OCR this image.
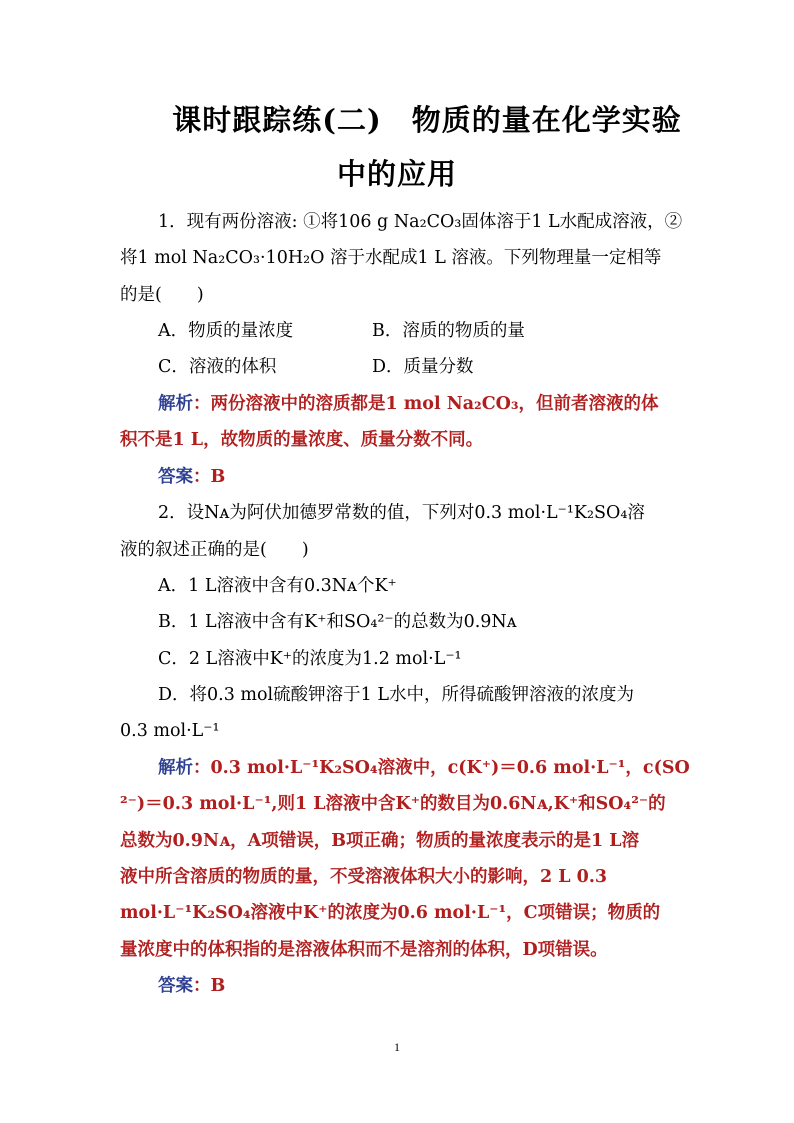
课时跟踪练(二)　物质的量在化学实验
中的应用
1．现有两份溶液: ①将106 g Na₂CO₃固体溶于1 L水配成溶液，②
将1 mol Na₂CO₃·10H₂O 溶于水配成1 L 溶液。下列物理量一定相等
的是(　　)
A．物质的量浓度	B．溶质的物质的量
C．溶液的体积	D．质量分数
解析：两份溶液中的溶质都是1 mol Na₂CO₃，但前者溶液的体
积不是1 L，故物质的量浓度、质量分数不同。
答案：B
2．设Nᴀ为阿伏加德罗常数的值，下列对0.3 mol·L⁻¹K₂SO₄溶
液的叙述正确的是(　　)
A．1 L溶液中含有0.3Nᴀ个K⁺
B．1 L溶液中含有K⁺和SO₄²⁻的总数为0.9Nᴀ
C．2 L溶液中K⁺的浓度为1.2 mol·L⁻¹
D．将0.3 mol硫酸钾溶于1 L水中，所得硫酸钾溶液的浓度为
0.3 mol·L⁻¹
解析：0.3 mol·L⁻¹K₂SO₄溶液中，c(K⁺)＝0.6 mol·L⁻¹，c(SO
²⁻)＝0.3 mol·L⁻¹,则1 L溶液中含K⁺的数目为0.6Nᴀ,K⁺和SO₄²⁻的
总数为0.9Nᴀ，A项错误，B项正确；物质的量浓度表示的是1 L溶
液中所含溶质的物质的量，不受溶液体积大小的影响，2 L 0.3
mol·L⁻¹K₂SO₄溶液中K⁺的浓度为0.6 mol·L⁻¹，C项错误；物质的
量浓度中的体积指的是溶液体积而不是溶剂的体积，D项错误。
答案：B
1
